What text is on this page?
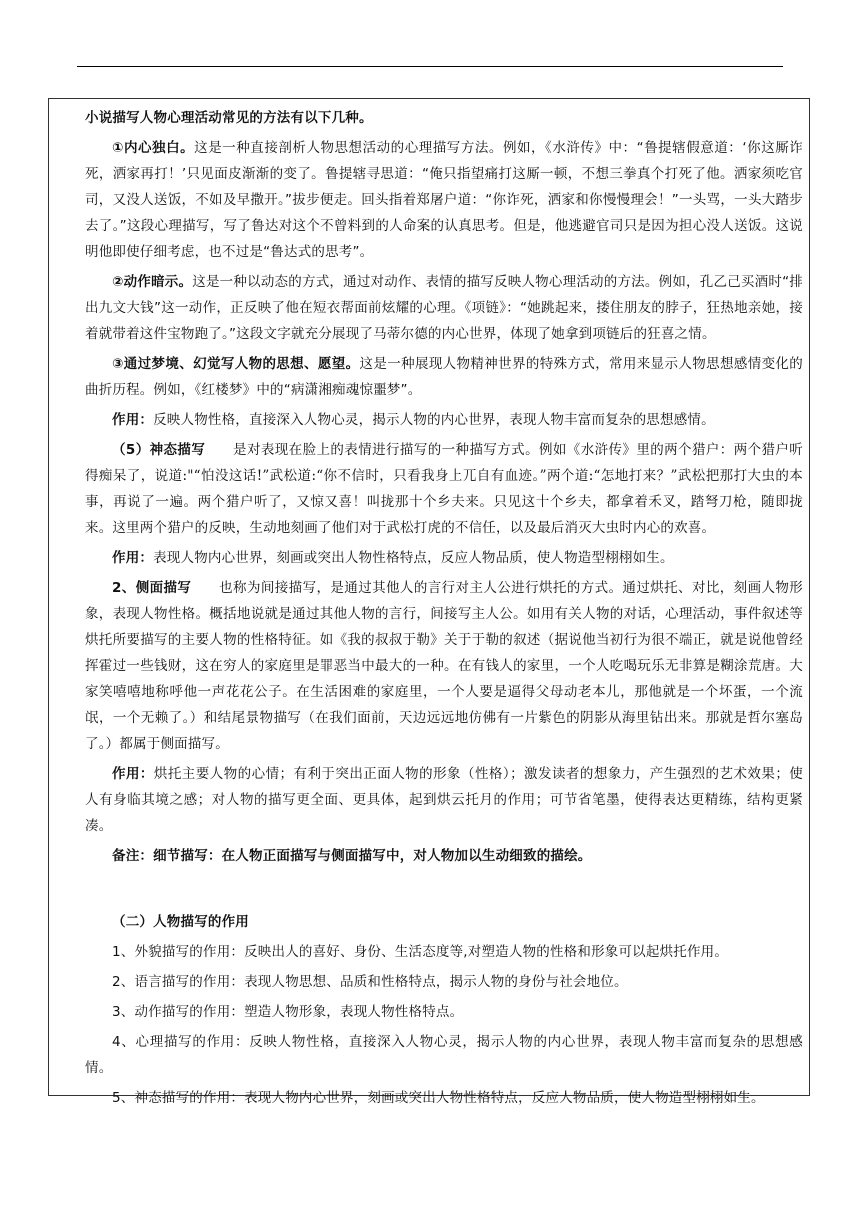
小说描写人物心理活动常见的方法有以下几种。

①内心独白。这是一种直接剖析人物思想活动的心理描写方法。例如，《水浒传》中：“鲁提辖假意道：‘你这厮诈死，洒家再打！’只见面皮渐渐的变了。鲁提辖寻思道：“俺只指望痛打这厮一顿，不想三拳真个打死了他。洒家须吃官司，又没人送饭，不如及早撒开。”拔步便走。回头指着郑屠户道：“你诈死，洒家和你慢慢理会！”一头骂，一头大踏步去了。”这段心理描写，写了鲁达对这个不曾料到的人命案的认真思考。但是，他逃避官司只是因为担心没人送饭。这说明他即使仔细考虑，也不过是“鲁达式的思考”。

②动作暗示。这是一种以动态的方式，通过对动作、表情的描写反映人物心理活动的方法。例如，孔乙己买酒时“排出九文大钱”这一动作，正反映了他在短衣帮面前炫耀的心理。《项链》：“她跳起来，搂住朋友的脖子，狂热地亲她，接着就带着这件宝物跑了。”这段文字就充分展现了马蒂尔德的内心世界，体现了她拿到项链后的狂喜之情。

③通过梦境、幻觉写人物的思想、愿望。这是一种展现人物精神世界的特殊方式，常用来显示人物思想感情变化的曲折历程。例如，《红楼梦》中的“病潇湘痴魂惊噩梦”。

作用：反映人物性格，直接深入人物心灵，揭示人物的内心世界，表现人物丰富而复杂的思想感情。

（5）神态描写　　是对表现在脸上的表情进行描写的一种描写方式。例如《水浒传》里的两个猎户：两个猎户听得痴呆了，说道:"“怕没这话!”武松道:“你不信时，只看我身上兀自有血迹。”两个道:“怎地打来？”武松把那打大虫的本事，再说了一遍。两个猎户听了，又惊又喜！叫拢那十个乡夫来。只见这十个乡夫，都拿着禾叉，踏弩刀枪，随即拢来。这里两个猎户的反映，生动地刻画了他们对于武松打虎的不信任，以及最后消灭大虫时内心的欢喜。

作用：表现人物内心世界，刻画或突出人物性格特点，反应人物品质，使人物造型栩栩如生。

2、侧面描写　　也称为间接描写，是通过其他人的言行对主人公进行烘托的方式。通过烘托、对比，刻画人物形象，表现人物性格。概括地说就是通过其他人物的言行，间接写主人公。如用有关人物的对话，心理活动，事件叙述等烘托所要描写的主要人物的性格特征。如《我的叔叔于勒》关于于勒的叙述（据说他当初行为很不端正，就是说他曾经挥霍过一些钱财，这在穷人的家庭里是罪恶当中最大的一种。在有钱人的家里，一个人吃喝玩乐无非算是糊涂荒唐。大家笑嘻嘻地称呼他一声花花公子。在生活困难的家庭里，一个人要是逼得父母动老本儿，那他就是一个坏蛋，一个流氓，一个无赖了。）和结尾景物描写（在我们面前，天边远远地仿佛有一片紫色的阴影从海里钻出来。那就是哲尔塞岛了。）都属于侧面描写。

作用：烘托主要人物的心情；有利于突出正面人物的形象（性格）；激发读者的想象力，产生强烈的艺术效果；使人有身临其境之感；对人物的描写更全面、更具体，起到烘云托月的作用；可节省笔墨，使得表达更精练，结构更紧凑。

备注：细节描写：在人物正面描写与侧面描写中，对人物加以生动细致的描绘。

（二）人物描写的作用

1、外貌描写的作用：反映出人的喜好、身份、生活态度等,对塑造人物的性格和形象可以起烘托作用。

2、语言描写的作用：表现人物思想、品质和性格特点，揭示人物的身份与社会地位。

3、动作描写的作用：塑造人物形象，表现人物性格特点。

4、心理描写的作用：反映人物性格，直接深入人物心灵，揭示人物的内心世界，表现人物丰富而复杂的思想感情。

5、神态描写的作用：表现人物内心世界，刻画或突出人物性格特点，反应人物品质，使人物造型栩栩如生。
